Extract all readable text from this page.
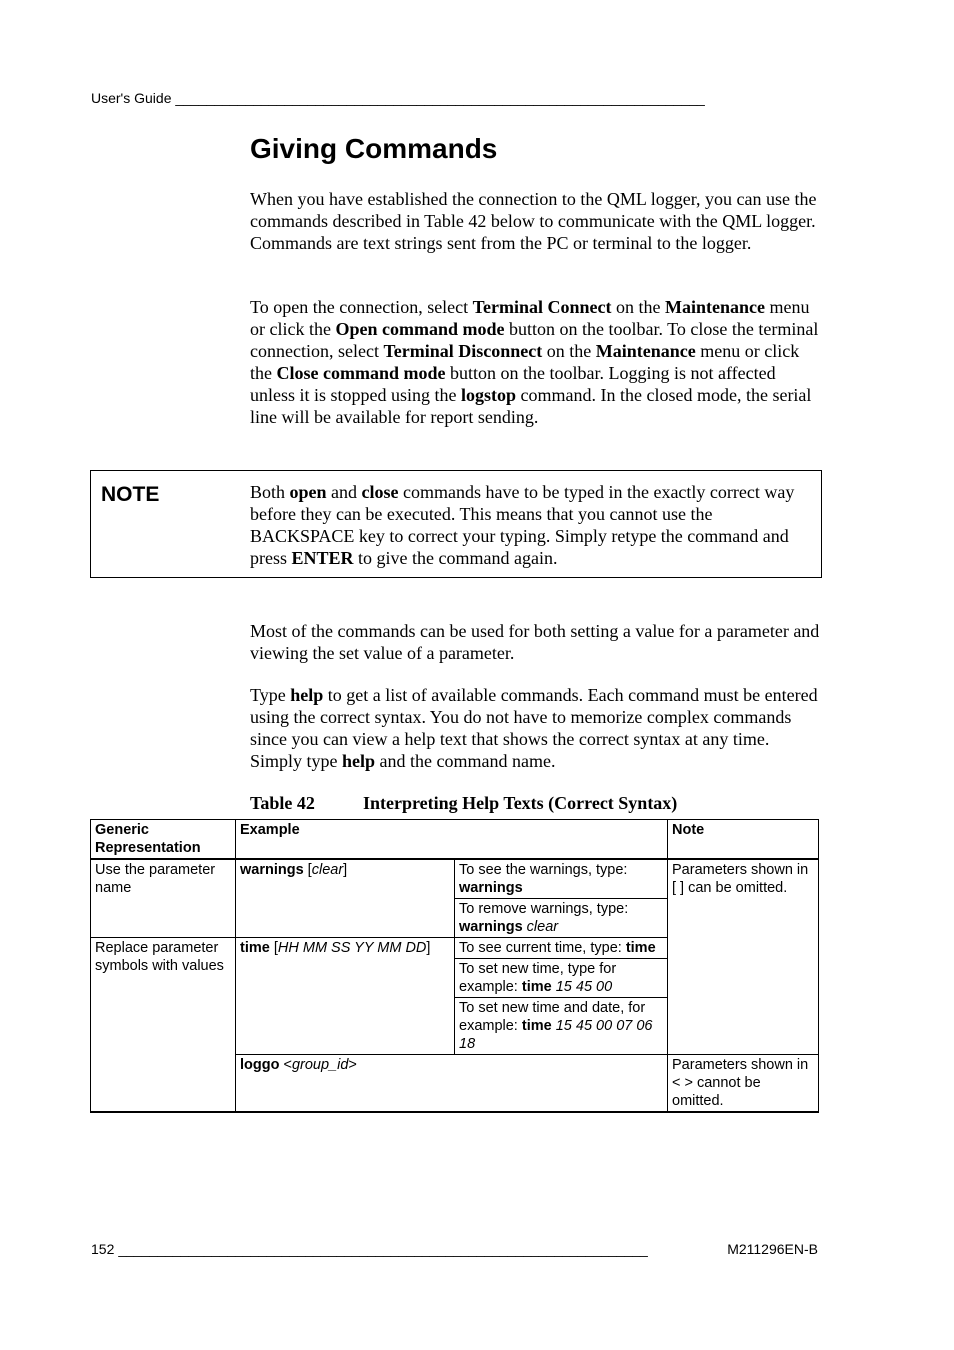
User's Guide ____________________________________________________________________
Giving Commands

When you have established the connection to the QML logger, you can use the commands described in Table 42 below to communicate with the QML logger. Commands are text strings sent from the PC or terminal to the logger.

To open the connection, select Terminal Connect on the Maintenance menu or click the Open command mode button on the toolbar. To close the terminal connection, select Terminal Disconnect on the Maintenance menu or click the Close command mode button on the toolbar. Logging is not affected unless it is stopped using the logstop command. In the closed mode, the serial line will be available for report sending.

NOTE	Both open and close commands have to be typed in the exactly correct way before they can be executed. This means that you cannot use the BACKSPACE key to correct your typing. Simply retype the command and press ENTER to give the command again.

Most of the commands can be used for both setting a value for a parameter and viewing the set value of a parameter.

Type help to get a list of available commands. Each command must be entered using the correct syntax. You do not have to memorize complex commands since you can view a help text that shows the correct syntax at any time. Simply type help and the command name.

Table 42	Interpreting Help Texts (Correct Syntax)
Generic Representation	Example		Note
Use the parameter name	warnings [clear]	To see the warnings, type: warnings	Parameters shown in [ ] can be omitted.
		To remove warnings, type: warnings clear	
Replace parameter symbols with values	time [HH MM SS YY MM DD]	To see current time, type: time	
		To set new time, type for example: time 15 45 00	
		To set new time and date, for example: time 15 45 00 07 06 18	
	loggo <group_id>		Parameters shown in < > cannot be omitted.
152 ____________________________________________________________________	M211296EN-B
